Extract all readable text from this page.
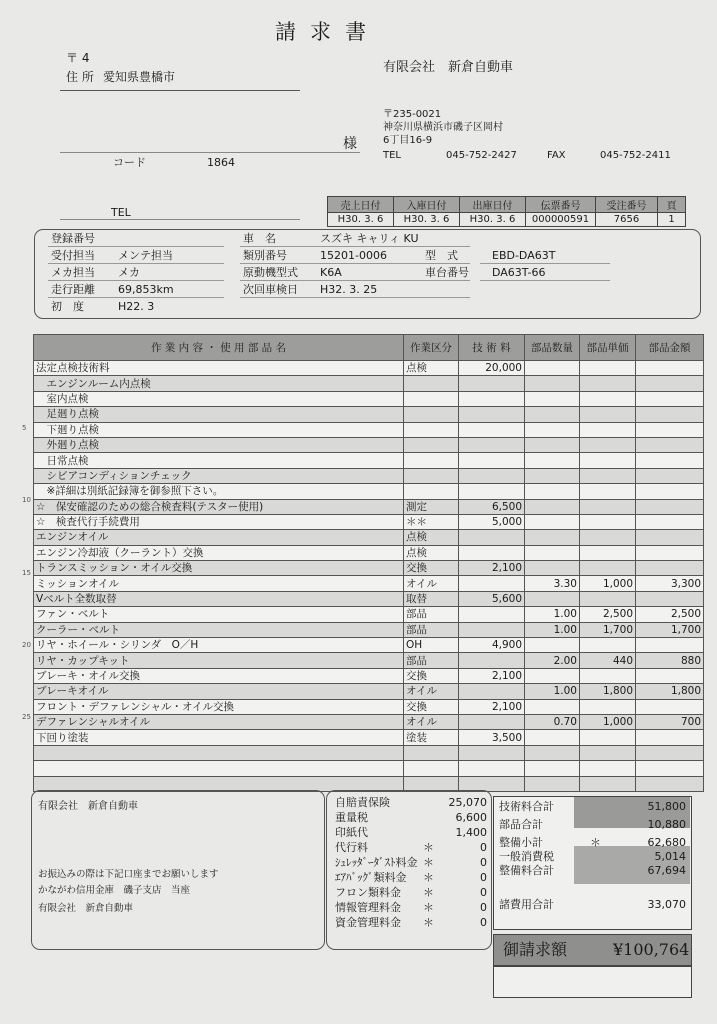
請求書
〒 4
住 所 愛知県豊橋市
様
コード	1864
TEL
有限会社　新倉自動車
〒235-0021
神奈川県横浜市磯子区岡村
6丁目16-9
TEL	045-752-2427	FAX	045-752-2411
売上日付	入庫日付	出庫日付	伝票番号	受注番号	頁
H30. 3. 6	H30. 3. 6	H30. 3. 6	000000591	7656	1
登録番号
受付担当 メンテ担当
メカ担当 メカ
走行距離 69,853km
初　度	H22. 3
車　名	スズキ キャリィ KU
類別番号	15201-0006
原動機型式 K6A
次回車検日 H32. 3. 25
型　式	EBD-DA63T
車台番号 DA63T-66
5
10
15
20
25
作 業 内 容 ・ 使 用 部 品 名	作業区分	技 術 料	部品数量	部品単価	部品金額
法定点検技術料	点検	20,000			
　エンジンルーム内点検					
　室内点検					
　足廻り点検					
　下廻り点検					
　外廻り点検					
　日常点検					
　シビアコンディションチェック					
　※詳細は別紙記録簿を御参照下さい。					
☆　保安確認のための総合検査料(テスター使用)	測定	6,500			
☆　検査代行手続費用	＊＊	5,000			
エンジンオイル	点検				
エンジン冷却液（クーラント）交換	点検				
トランスミッション・オイル交換	交換	2,100			
ミッションオイル	オイル		3.30	1,000	3,300
Vベルト全数取替	取替	5,600			
ファン・ベルト	部品		1.00	2,500	2,500
クーラー・ベルト	部品		1.00	1,700	1,700
リヤ・ホイール・シリンダ　O／H	OH	4,900			
リヤ・カップキット	部品		2.00	440	880
ブレーキ・オイル交換	交換	2,100			
ブレーキオイル	オイル		1.00	1,800	1,800
フロント・デファレンシャル・オイル交換	交換	2,100			
デファレンシャルオイル	オイル		0.70	1,000	700
下回り塗装	塗装	3,500			

有限会社　新倉自動車
お振込みの際は下記口座までお願いします
かながわ信用金庫　磯子支店　当座
有限会社　新倉自動車
自賠責保険	25,070
重量税	6,600
印紙代	1,400
代行料	＊	0
ｼｭﾚｯﾀﾞｰﾀﾞｽﾄ料金 ＊	0
ｴｱﾊﾞｯｸﾞ類料金 ＊	0
フロン類料金 ＊	0
情報管理料金 ＊	0
資金管理料金 ＊	0
技術料合計	51,800
部品合計	10,880
整備小計	＊	62,680
一般消費税	5,014
整備料合計	67,694
諸費用合計	33,070
御請求額	¥100,764
